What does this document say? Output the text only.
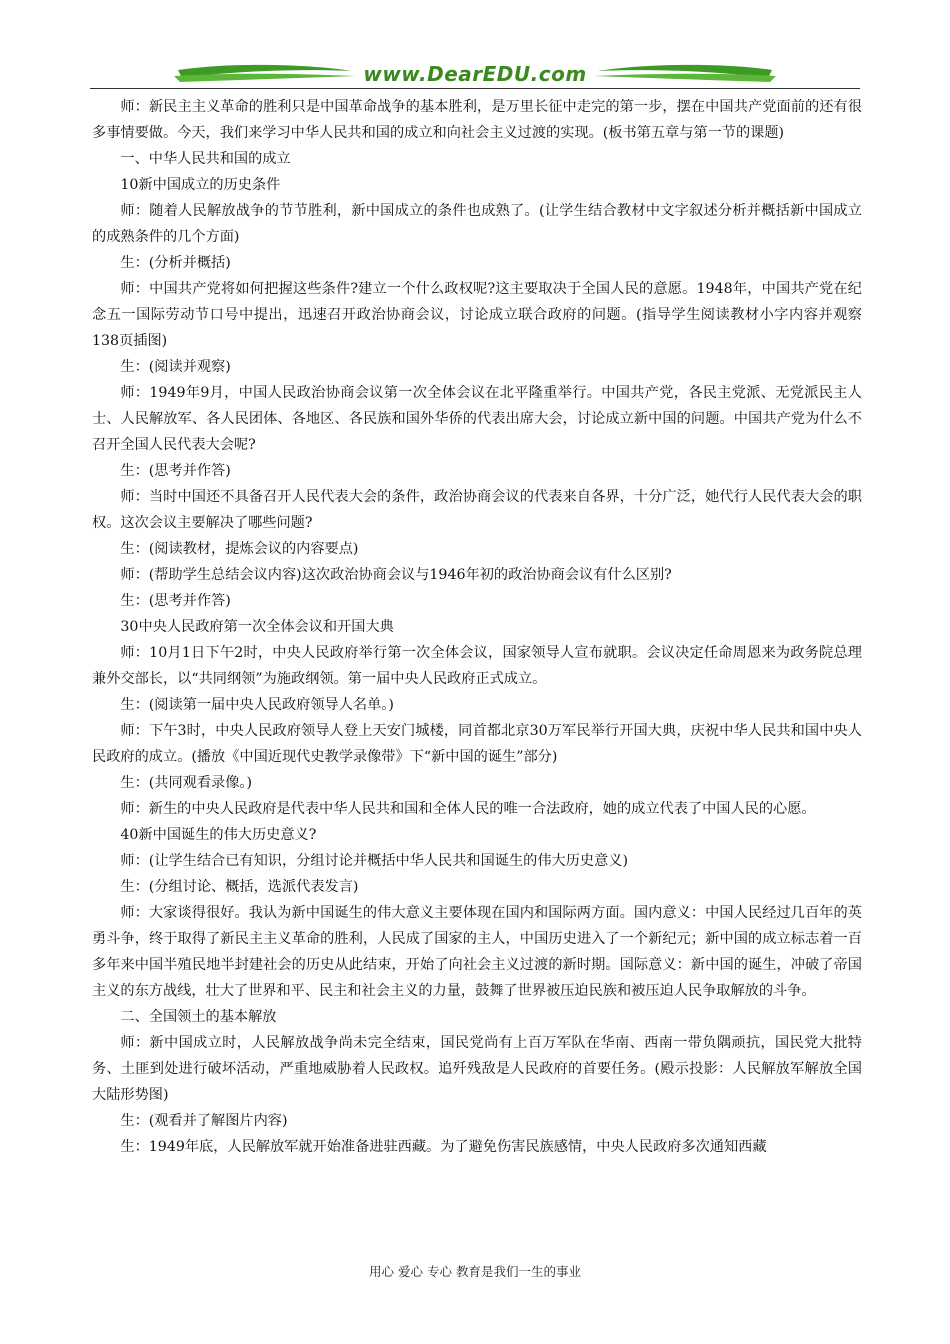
www.DearEDU.com

师：新民主主义革命的胜利只是中国革命战争的基本胜利，是万里长征中走完的第一步，摆在中国共产党面前的还有很多事情要做。今天，我们来学习中华人民共和国的成立和向社会主义过渡的实现。(板书第五章与第一节的课题)

一、中华人民共和国的成立

10新中国成立的历史条件

师：随着人民解放战争的节节胜利，新中国成立的条件也成熟了。(让学生结合教材中文字叙述分析并概括新中国成立的成熟条件的几个方面)

生：(分析并概括)

师：中国共产党将如何把握这些条件?建立一个什么政权呢?这主要取决于全国人民的意愿。1948年，中国共产党在纪念五一国际劳动节口号中提出，迅速召开政治协商会议，讨论成立联合政府的问题。(指导学生阅读教材小字内容并观察138页插图)

生：(阅读并观察)

师：1949年9月，中国人民政治协商会议第一次全体会议在北平隆重举行。中国共产党，各民主党派、无党派民主人士、人民解放军、各人民团体、各地区、各民族和国外华侨的代表出席大会，讨论成立新中国的问题。中国共产党为什么不召开全国人民代表大会呢?

生：(思考并作答)

师：当时中国还不具备召开人民代表大会的条件，政治协商会议的代表来自各界，十分广泛，她代行人民代表大会的职权。这次会议主要解决了哪些问题?

生：(阅读教材，提炼会议的内容要点)

师：(帮助学生总结会议内容)这次政治协商会议与1946年初的政治协商会议有什么区别?

生：(思考并作答)

30中央人民政府第一次全体会议和开国大典

师：10月1日下午2时，中央人民政府举行第一次全体会议，国家领导人宣布就职。会议决定任命周恩来为政务院总理兼外交部长，以“共同纲领”为施政纲领。第一届中央人民政府正式成立。

生：(阅读第一届中央人民政府领导人名单。)

师：下午3时，中央人民政府领导人登上天安门城楼，同首都北京30万军民举行开国大典，庆祝中华人民共和国中央人民政府的成立。(播放《中国近现代史教学录像带》下“新中国的诞生”部分)

生：(共同观看录像。)

师：新生的中央人民政府是代表中华人民共和国和全体人民的唯一合法政府，她的成立代表了中国人民的心愿。

40新中国诞生的伟大历史意义?

师：(让学生结合已有知识，分组讨论并概括中华人民共和国诞生的伟大历史意义)

生：(分组讨论、概括，选派代表发言)

师：大家谈得很好。我认为新中国诞生的伟大意义主要体现在国内和国际两方面。国内意义：中国人民经过几百年的英勇斗争，终于取得了新民主主义革命的胜利，人民成了国家的主人，中国历史进入了一个新纪元；新中国的成立标志着一百多年来中国半殖民地半封建社会的历史从此结束，开始了向社会主义过渡的新时期。国际意义：新中国的诞生，冲破了帝国主义的东方战线，壮大了世界和平、民主和社会主义的力量，鼓舞了世界被压迫民族和被压迫人民争取解放的斗争。

二、全国领土的基本解放

师：新中国成立时，人民解放战争尚未完全结束，国民党尚有上百万军队在华南、西南一带负隅顽抗，国民党大批特务、土匪到处进行破坏活动，严重地威胁着人民政权。追歼残敌是人民政府的首要任务。(殿示投影：人民解放军解放全国大陆形势图)

生：(观看并了解图片内容)

生：1949年底，人民解放军就开始准备进驻西藏。为了避免伤害民族感情，中央人民政府多次通知西藏

用心 爱心 专心 教育是我们一生的事业
